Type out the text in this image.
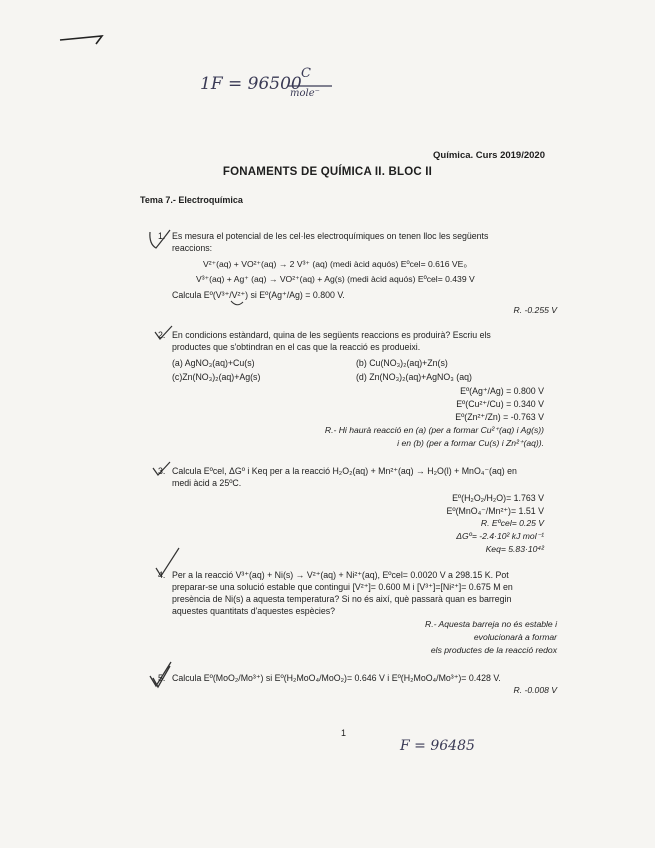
1F = 96500
C
mole⁻
Química. Curs 2019/2020
FONAMENTS DE QUÍMICA II. BLOC II
Tema 7.- Electroquímica
1. Es mesura el potencial de les cel·les electroquímiques on tenen lloc les següents
reaccions:
V²⁺(aq) + VO²⁺(aq) → 2 V³⁺ (aq) (medi àcid aquós) Eºcel= 0.616 VE₀
V³⁺(aq) + Ag⁺ (aq) → VO²⁺(aq) + Ag(s) (medi àcid aquós) Eºcel= 0.439 V
Calcula Eº(V³⁺/V²⁺) si Eº(Ag⁺/Ag) = 0.800 V.
R. -0.255 V
2. En condicions estàndard, quina de les següents reaccions es produirà? Escriu els
productes que s'obtindran en el cas que la reacció es produeixi.
(a) AgNO₃(aq)+Cu(s)	(b) Cu(NO₃)₂(aq)+Zn(s)
(c)Zn(NO₃)₂(aq)+Ag(s)	(d) Zn(NO₃)₂(aq)+AgNO₃ (aq)
Eº(Ag⁺/Ag) = 0.800 V
Eº(Cu²⁺/Cu) = 0.340 V
Eº(Zn²⁺/Zn) = -0.763 V
R.- Hi haurà reacció en (a) (per a formar Cu²⁺(aq) i Ag(s))
i en (b) (per a formar Cu(s) i Zn²⁺(aq)).
3. Calcula Eºcel, ΔGº i Keq per a la reacció H₂O₂(aq) + Mn²⁺(aq) → H₂O(l) + MnO₄⁻(aq) en
medi àcid a 25ºC.
Eº(H₂O₂/H₂O)= 1.763 V
Eº(MnO₄⁻/Mn²⁺)= 1.51 V
R. Eºcel= 0.25 V
ΔGº= -2.4·10² kJ mol⁻¹
Keq= 5.83·10⁴²
4. Per a la reacció V³⁺(aq) + Ni(s) → V²⁺(aq) + Ni²⁺(aq), Eºcel= 0.0020 V a 298.15 K. Pot
preparar-se una solució estable que contingui [V²⁺]= 0.600 M i [V³⁺]=[Ni²⁺]= 0.675 M en
presència de Ni(s) a aquesta temperatura? Si no és així, què passarà quan es barregin
aquestes quantitats d'aquestes espècies?
R.- Aquesta barreja no és estable i
evolucionarà a formar
els productes de la reacció redox
5. Calcula Eº(MoO₂/Mo³⁺) si Eº(H₂MoO₄/MoO₂)= 0.646 V i Eº(H₂MoO₄/Mo³⁺)= 0.428 V.
R. -0.008 V
1
F = 96485
